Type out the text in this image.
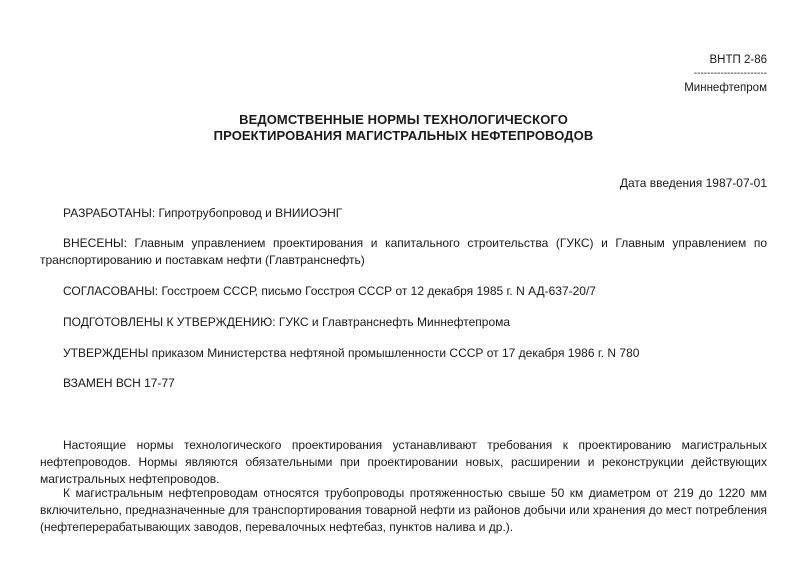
ВНТП 2-86
----------------------
Миннефтепром
ВЕДОМСТВЕННЫЕ НОРМЫ ТЕХНОЛОГИЧЕСКОГО
ПРОЕКТИРОВАНИЯ МАГИСТРАЛЬНЫХ НЕФТЕПРОВОДОВ
Дата введения 1987-07-01

РАЗРАБОТАНЫ: Гипротрубопровод и ВНИИОЭНГ

ВНЕСЕНЫ: Главным управлением проектирования и капитального строительства (ГУКС) и Главным управлением по транспортированию и поставкам нефти (Главтранснефть)

СОГЛАСОВАНЫ: Госстроем СССР, письмо Госстроя СССР от 12 декабря 1985 г. N АД-637-20/7

ПОДГОТОВЛЕНЫ К УТВЕРЖДЕНИЮ: ГУКС и Главтранснефть Миннефтепрома

УТВЕРЖДЕНЫ приказом Министерства нефтяной промышленности СССР от 17 декабря 1986 г. N 780

ВЗАМЕН ВСН 17-77

Настоящие нормы технологического проектирования устанавливают требования к проектированию магистральных нефтепроводов. Нормы являются обязательными при проектировании новых, расширении и реконструкции действующих магистральных нефтепроводов.

К магистральным нефтепроводам относятся трубопроводы протяженностью свыше 50 км диаметром от 219 до 1220 мм включительно, предназначенные для транспортирования товарной нефти из районов добычи или хранения до мест потребления (нефтеперерабатывающих заводов, перевалочных нефтебаз, пунктов налива и др.).
